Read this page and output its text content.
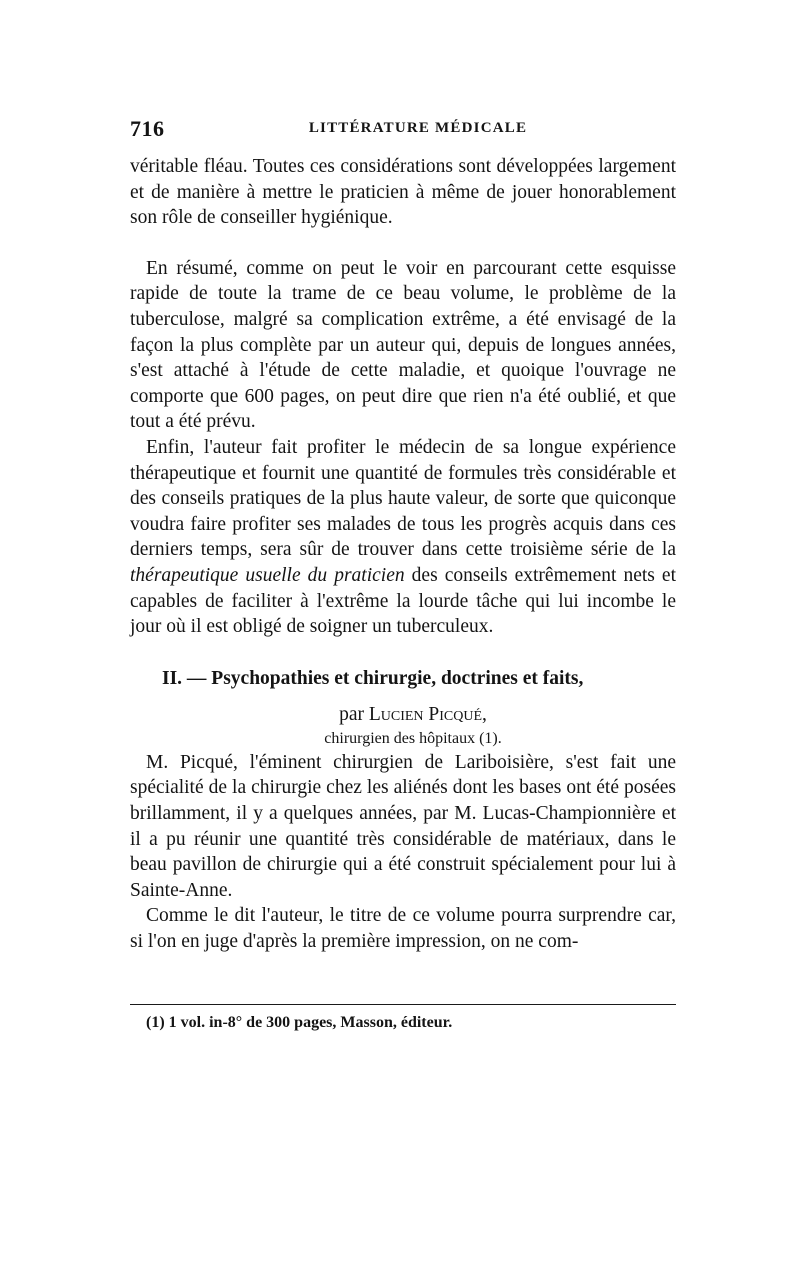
716	LITTÉRATURE MÉDICALE

véritable fléau. Toutes ces considérations sont développées largement et de manière à mettre le praticien à même de jouer honorablement son rôle de conseiller hygiénique.

En résumé, comme on peut le voir en parcourant cette esquisse rapide de toute la trame de ce beau volume, le problème de la tuberculose, malgré sa complication extrême, a été envisagé de la façon la plus complète par un auteur qui, depuis de longues années, s'est attaché à l'étude de cette maladie, et quoique l'ouvrage ne comporte que 600 pages, on peut dire que rien n'a été oublié, et que tout a été prévu.

Enfin, l'auteur fait profiter le médecin de sa longue expérience thérapeutique et fournit une quantité de formules très considérable et des conseils pratiques de la plus haute valeur, de sorte que quiconque voudra faire profiter ses malades de tous les progrès acquis dans ces derniers temps, sera sûr de trouver dans cette troisième série de la thérapeutique usuelle du praticien des conseils extrêmement nets et capables de faciliter à l'extrême la lourde tâche qui lui incombe le jour où il est obligé de soigner un tuberculeux.

II. — Psychopathies et chirurgie, doctrines et faits,
par Lucien Picqué,
chirurgien des hôpitaux (1).

M. Picqué, l'éminent chirurgien de Lariboisière, s'est fait une spécialité de la chirurgie chez les aliénés dont les bases ont été posées brillamment, il y a quelques années, par M. Lucas-Championnière et il a pu réunir une quantité très considérable de matériaux, dans le beau pavillon de chirurgie qui a été construit spécialement pour lui à Sainte-Anne.

Comme le dit l'auteur, le titre de ce volume pourra surprendre car, si l'on en juge d'après la première impression, on ne com-

(1) 1 vol. in-8° de 300 pages, Masson, éditeur.
